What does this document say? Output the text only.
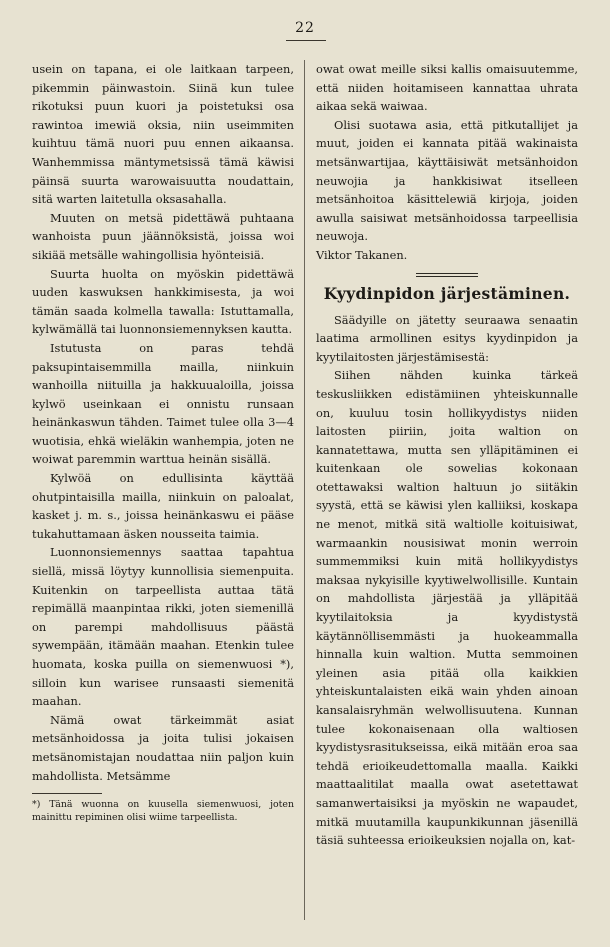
22

usein on tapana, ei ole laitkaan tarpeen, pikemmin päinwastoin. Siinä kun tulee rikotuksi puun kuori ja poistetuksi osa rawintoa imewiä oksia, niin useimmiten kuihtuu tämä nuori puu ennen aikaansa. Wanhemmissa mäntymetsissä tämä käwisi päinsä suurta warowaisuutta noudattain, sitä warten laitetulla oksasahalla.

Muuten on metsä pidettäwä puhtaana wanhoista puun jäännöksistä, joissa woi sikiää metsälle wahingollisia hyönteisiä.

Suurta huolta on myöskin pidettäwä uuden kaswuksen hankkimisesta, ja woi tämän saada kolmella tawalla: Istuttamalla, kylwämällä tai luonnonsiemennyksen kautta.

Istutusta on paras tehdä paksupintaisemmilla mailla, niinkuin wanhoilla niituilla ja hakkuualoilla, joissa kylwö useinkaan ei onnistu runsaan heinänkaswun tähden. Taimet tulee olla 3—4 wuotisia, ehkä wieläkin wanhempia, joten ne woiwat paremmin warttua heinän sisällä.

Kylwöä on edullisinta käyttää ohutpintaisilla mailla, niinkuin on paloalat, kasket j. m. s., joissa heinänkaswu ei pääse tukahuttamaan äsken nousseita taimia.

Luonnonsiemennys saattaa tapahtua siellä, missä löytyy kunnollisia siemenpuita. Kuitenkin on tarpeellista auttaa tätä repimällä maanpintaa rikki, joten siemenillä on parempi mahdollisuus päästä sywempään, itämään maahan. Etenkin tulee huomata, koska puilla on siemenwuosi *), silloin kun warisee runsaasti siemenitä maahan.

Nämä owat tärkeimmät asiat metsänhoidossa ja joita tulisi jokaisen metsänomistajan noudattaa niin paljon kuin mahdollista. Metsämme

*) Tänä wuonna on kuusella siemenwuosi, joten mainittu repiminen olisi wiime tarpeellista.

owat owat meille siksi kallis omaisuutemme, että niiden hoitamiseen kannattaa uhrata aikaa sekä waiwaa.

Olisi suotawa asia, että pitkutallijet ja muut, joiden ei kannata pitää wakinaista metsänwartijaa, käyttäisiwät metsänhoidon neuwojia ja hankkisiwat itselleen metsänhoitoa käsittelewiä kirjoja, joiden awulla saisiwat metsänhoidossa tarpeellisia neuwoja.

Viktor Takanen.

Kyydinpidon järjestäminen.

Säädyille on jätetty seuraawa senaatin laatima armollinen esitys kyydinpidon ja kyytilaitosten järjestämisestä:

Siihen nähden kuinka tärkeä teskusliikken edistämiinen yhteiskunnalle on, kuuluu tosin hollikyydistys niiden laitosten piiriin, joita waltion on kannatettawa, mutta sen ylläpitäminen ei kuitenkaan ole sowelias kokonaan otettawaksi waltion haltuun jo siitäkin syystä, että se käwisi ylen kalliiksi, koskapa ne menot, mitkä sitä waltiolle koituisiwat, warmaankin nousisiwat monin werroin summemmiksi kuin mitä hollikyydistys maksaa nykyisille kyytiwelwollisille. Kuntain on mahdollista järjestää ja ylläpitää kyytilaitoksia ja kyydistystä käytännöllisemmästi ja huokeammalla hinnalla kuin waltion. Mutta semmoinen yleinen asia pitää olla kaikkien yhteiskuntalaisten eikä wain yhden ainoan kansalaisryhmän welwollisuutena. Kunnan tulee kokonaisenaan olla waltiosen kyydistysrasitukseissa, eikä mitään eroa saa tehdä erioikeudettomalla maalla. Kaikki maattaalitilat maalla owat asetettawat samanwertaisiksi ja myöskin ne wapaudet, mitkä muutamilla kaupunkikunnan jäsenillä täsiä suhteessa erioikeuksien nojalla on, kat-
